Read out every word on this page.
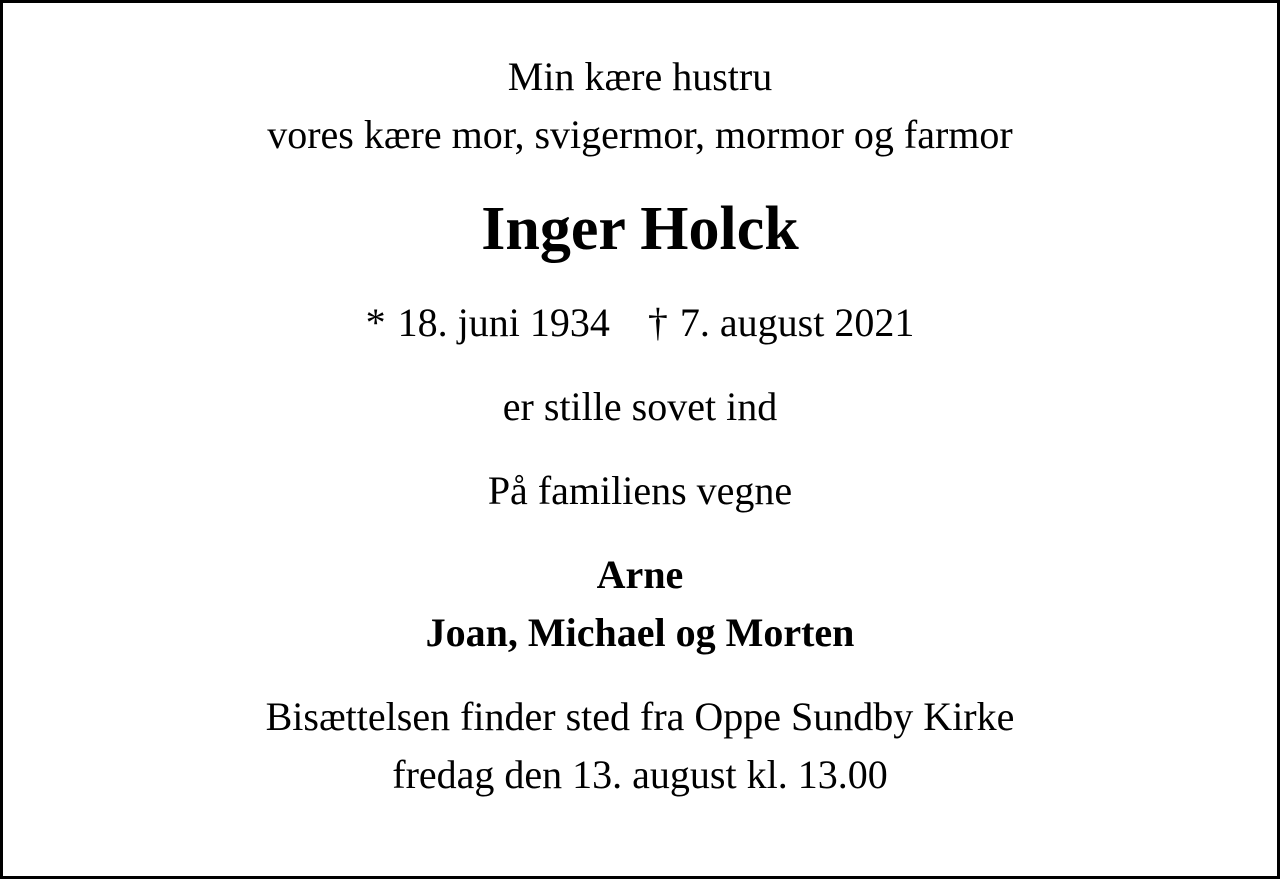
Min kære hustru
vores kære mor, svigermor, mormor og farmor
Inger Holck
* 18. juni 1934 † 7. august 2021
er stille sovet ind
På familiens vegne
Arne
Joan, Michael og Morten
Bisættelsen finder sted fra Oppe Sundby Kirke
fredag den 13. august kl. 13.00
